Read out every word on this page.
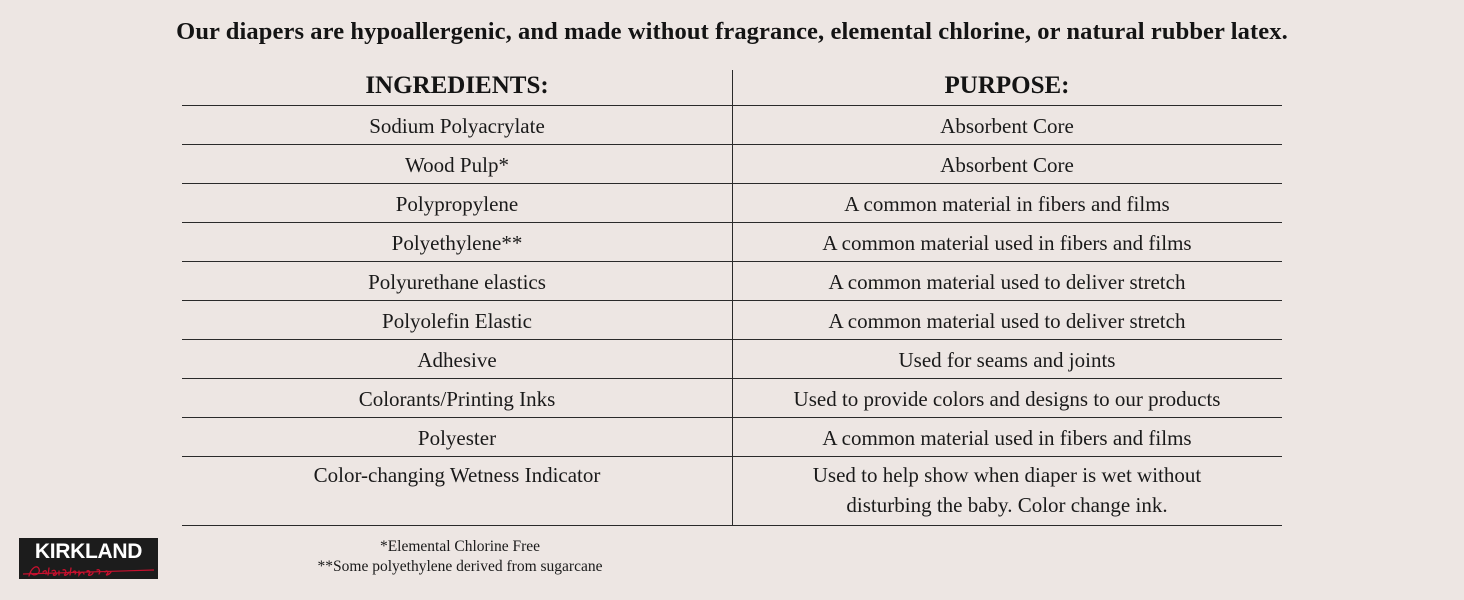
Our diapers are hypoallergenic, and made without fragrance, elemental chlorine, or natural rubber latex.
INGREDIENTS:	PURPOSE:
Sodium Polyacrylate	Absorbent Core
Wood Pulp*	Absorbent Core
Polypropylene	A common material in fibers and films
Polyethylene**	A common material used in fibers and films
Polyurethane elastics	A common material used to deliver stretch
Polyolefin Elastic	A common material used to deliver stretch
Adhesive	Used for seams and joints
Colorants/Printing Inks	Used to provide colors and designs to our products
Polyester	A common material used in fibers and films
Color-changing Wetness Indicator	Used to help show when diaper is wet without
disturbing the baby. Color change ink.
KIRKLAND	*Elemental Chlorine Free
**Some polyethylene derived from sugarcane
